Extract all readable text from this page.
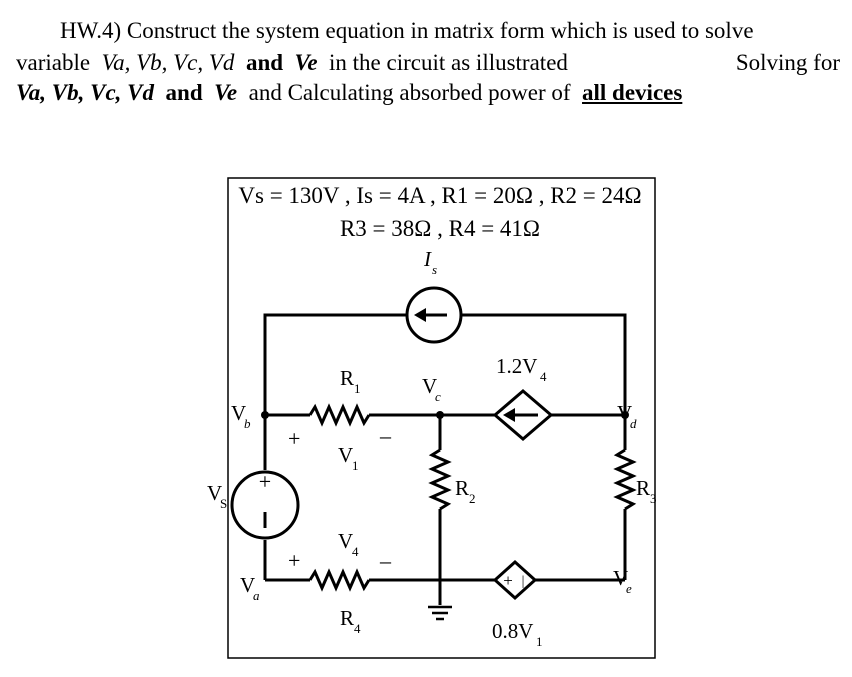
HW.4) Construct the system equation in matrix form which is used to solve
variable Va, Vb, Vc, Vd and Ve in the circuit as illustrated	Solving for
Va, Vb, Vc, Vd and Ve and Calculating absorbed power of all devices
Vs = 130V , Is = 4A , R1 = 20Ω , R2 = 24Ω
R3 = 38Ω , R4 = 41Ω
I s
1.2V 4
+ |
0.8V 1
+
V
S
V
b
V
c
V
d
V
e
V
a
R 1
R 2	R 3
R 4
+
V
1
–
+
V
4 –
